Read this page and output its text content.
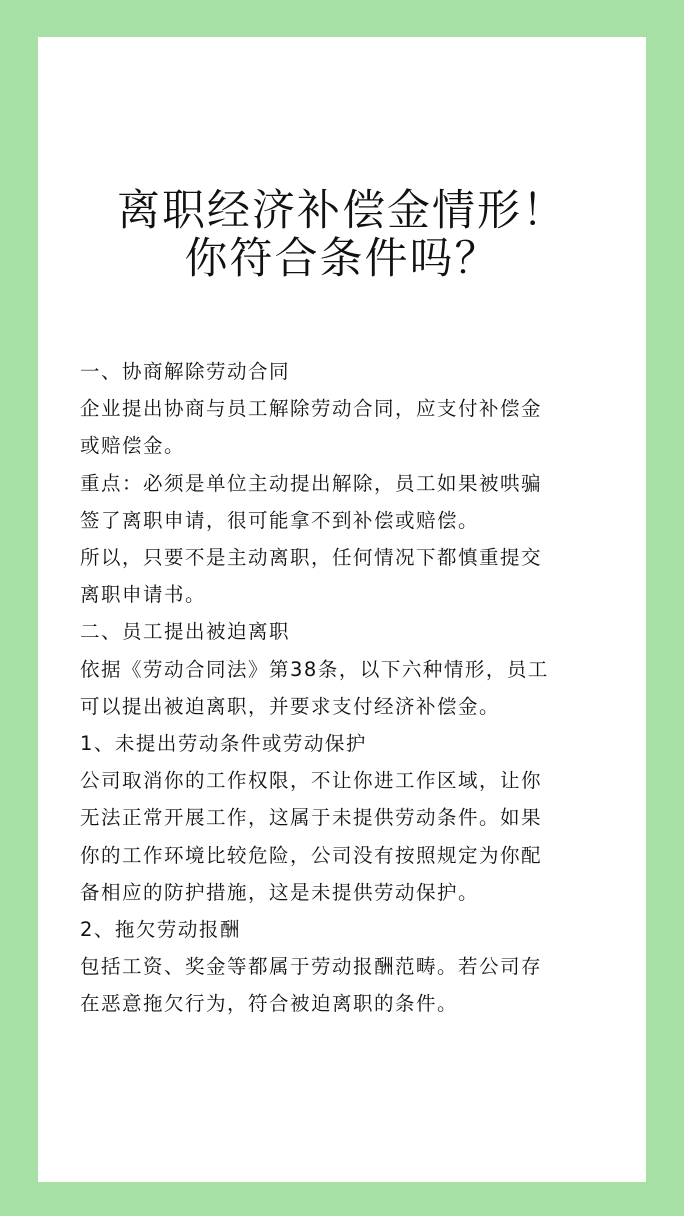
离职经济补偿金情形！
你符合条件吗？
一、协商解除劳动合同
企业提出协商与员工解除劳动合同，应支付补偿金
或赔偿金。
重点：必须是单位主动提出解除，员工如果被哄骗
签了离职申请，很可能拿不到补偿或赔偿。
所以，只要不是主动离职，任何情况下都慎重提交
离职申请书。
二、员工提出被迫离职
依据《劳动合同法》第38条，以下六种情形，员工
可以提出被迫离职，并要求支付经济补偿金。
1、未提出劳动条件或劳动保护
公司取消你的工作权限，不让你进工作区域，让你
无法正常开展工作，这属于未提供劳动条件。如果
你的工作环境比较危险，公司没有按照规定为你配
备相应的防护措施，这是未提供劳动保护。
2、拖欠劳动报酬
包括工资、奖金等都属于劳动报酬范畴。若公司存
在恶意拖欠行为，符合被迫离职的条件。
